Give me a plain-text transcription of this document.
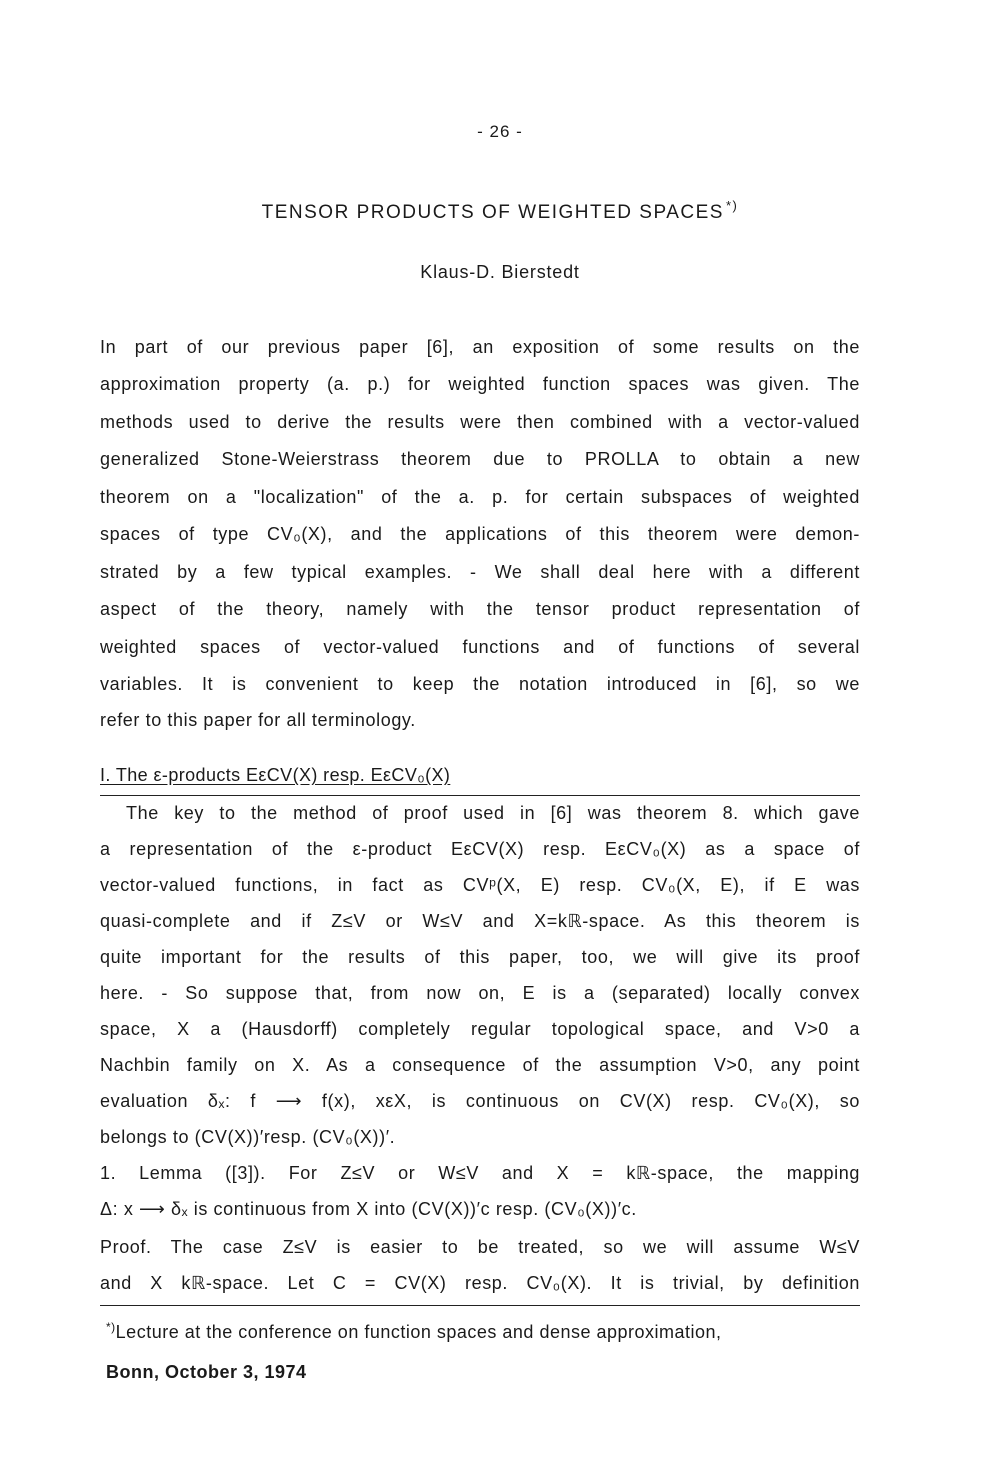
- 26 -
TENSOR PRODUCTS OF WEIGHTED SPACES *)
Klaus-D. Bierstedt
In part of our previous paper [6], an exposition of some results on the
approximation property (a. p.) for weighted function spaces was given. The
methods used to derive the results were then combined with a vector-valued
generalized Stone-Weierstrass theorem due to PROLLA to obtain a new
theorem on a "localization" of the a. p. for certain subspaces of weighted
spaces of type CV₀(X), and the applications of this theorem were demon-
strated by a few typical examples. - We shall deal here with a different
aspect of the theory, namely with the tensor product representation of
weighted spaces of vector-valued functions and of functions of several
variables. It is convenient to keep the notation introduced in [6], so we
refer to this paper for all terminology.
I. The ε-products EεCV(X) resp. EεCV₀(X)
The key to the method of proof used in [6] was theorem 8. which gave
a representation of the ε-product EεCV(X) resp. EεCV₀(X) as a space of
vector-valued functions, in fact as CVᵖ(X, E) resp. CV₀(X, E), if E was
quasi-complete and if Z≤V or W≤V and X=kℝ-space. As this theorem is
quite important for the results of this paper, too, we will give its proof
here. - So suppose that, from now on, E is a (separated) locally convex
space, X a (Hausdorff) completely regular topological space, and V>0 a
Nachbin family on X. As a consequence of the assumption V>0, any point
evaluation δₓ: f ⟶ f(x), xεX, is continuous on CV(X) resp. CV₀(X), so
belongs to (CV(X))′resp. (CV₀(X))′.
1. Lemma ([3]). For Z≤V or W≤V and X = kℝ-space, the mapping
Δ: x ⟶ δₓ is continuous from X into (CV(X))′c resp. (CV₀(X))′c.
Proof. The case Z≤V is easier to be treated, so we will assume W≤V
and X kℝ-space. Let C = CV(X) resp. CV₀(X). It is trivial, by definition
*)Lecture at the conference on function spaces and dense approximation,
Bonn, October 3, 1974
